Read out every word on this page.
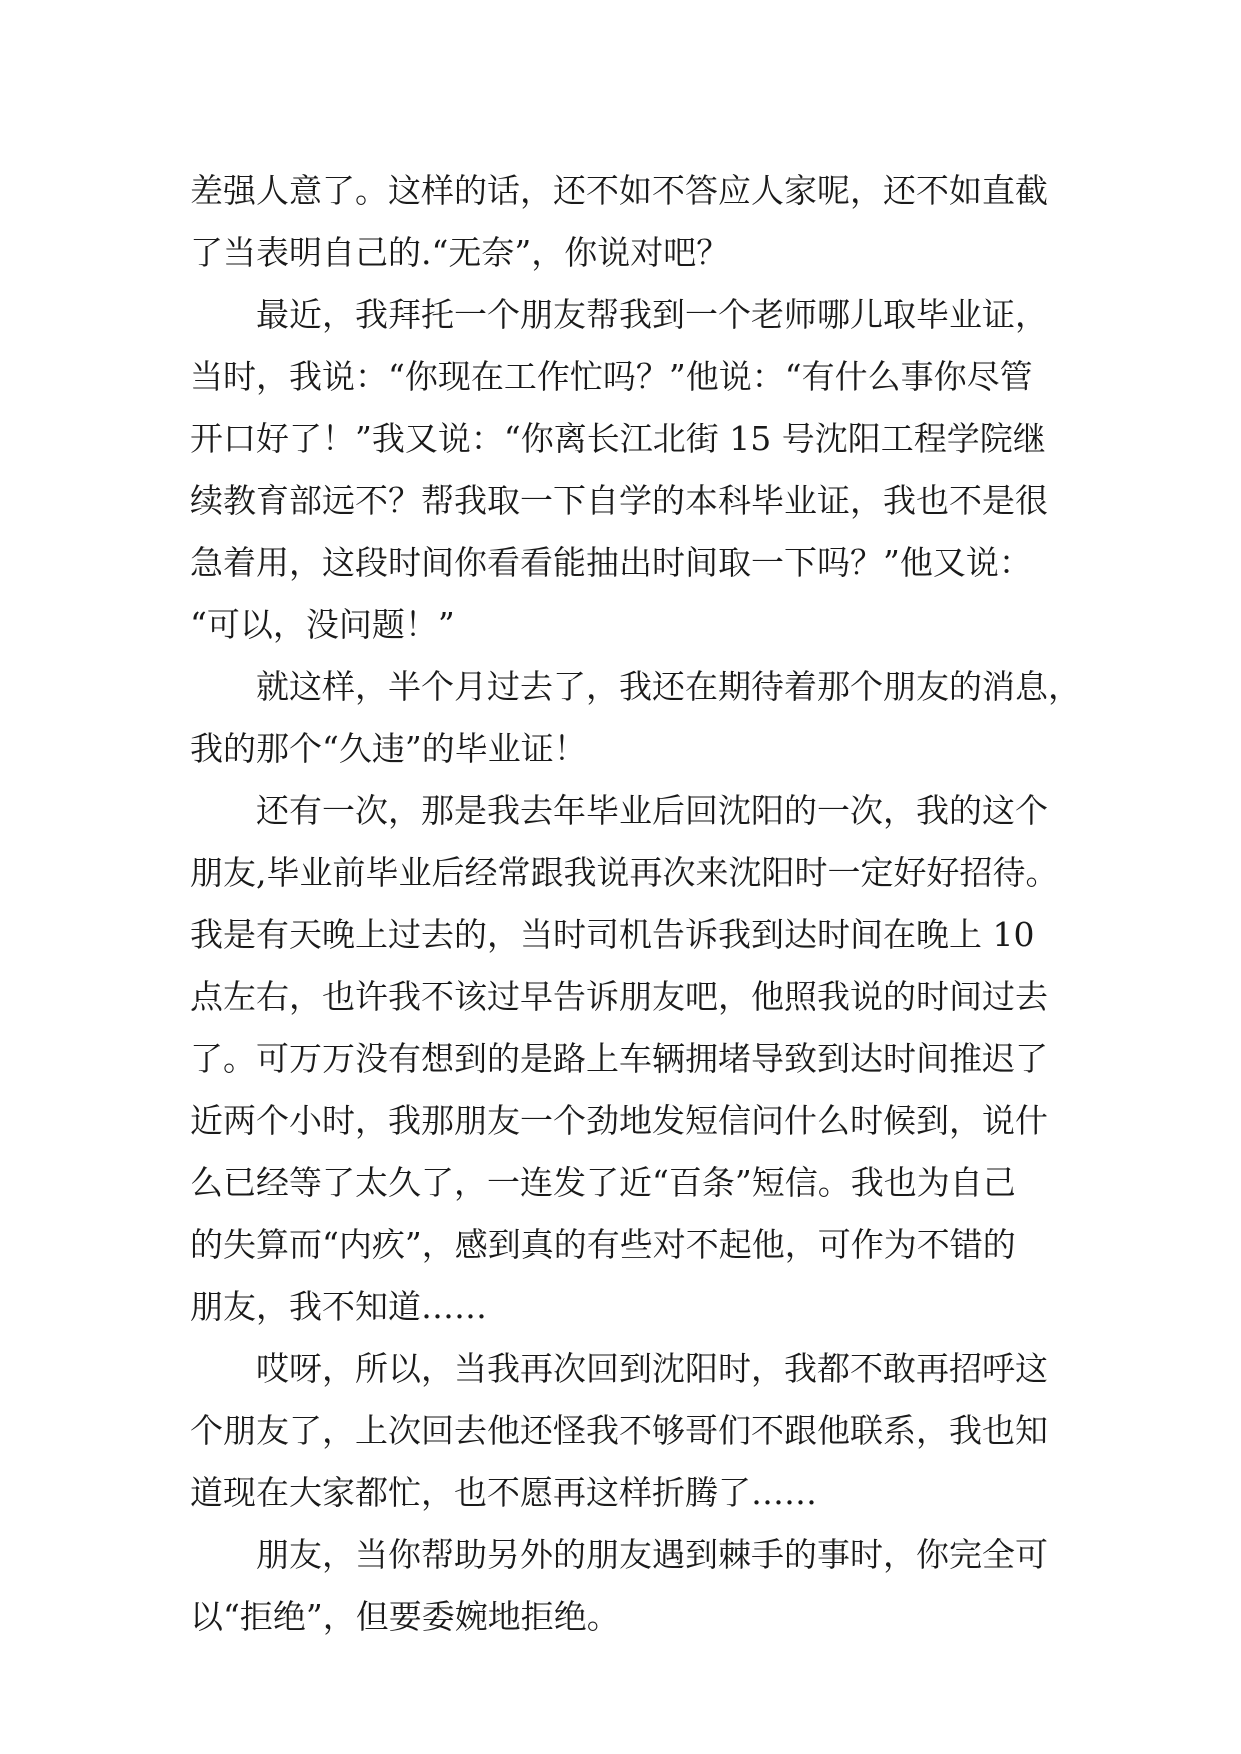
差强人意了。这样的话，还不如不答应人家呢，还不如直截
了当表明自己的.“无奈”，你说对吧？
最近，我拜托一个朋友帮我到一个老师哪儿取毕业证，
当时，我说：“你现在工作忙吗？”他说：“有什么事你尽管
开口好了！”我又说：“你离长江北街 15 号沈阳工程学院继
续教育部远不？帮我取一下自学的本科毕业证，我也不是很
急着用，这段时间你看看能抽出时间取一下吗？”他又说：
“可以，没问题！”
就这样，半个月过去了，我还在期待着那个朋友的消息，
我的那个“久违”的毕业证！
还有一次，那是我去年毕业后回沈阳的一次，我的这个
朋友,毕业前毕业后经常跟我说再次来沈阳时一定好好招待。
我是有天晚上过去的，当时司机告诉我到达时间在晚上 10
点左右，也许我不该过早告诉朋友吧，他照我说的时间过去
了。可万万没有想到的是路上车辆拥堵导致到达时间推迟了
近两个小时，我那朋友一个劲地发短信问什么时候到，说什
么已经等了太久了，一连发了近“百条”短信。我也为自己
的失算而“内疚”，感到真的有些对不起他，可作为不错的
朋友，我不知道……
哎呀，所以，当我再次回到沈阳时，我都不敢再招呼这
个朋友了，上次回去他还怪我不够哥们不跟他联系，我也知
道现在大家都忙，也不愿再这样折腾了……
朋友，当你帮助另外的朋友遇到棘手的事时，你完全可
以“拒绝”，但要委婉地拒绝。
